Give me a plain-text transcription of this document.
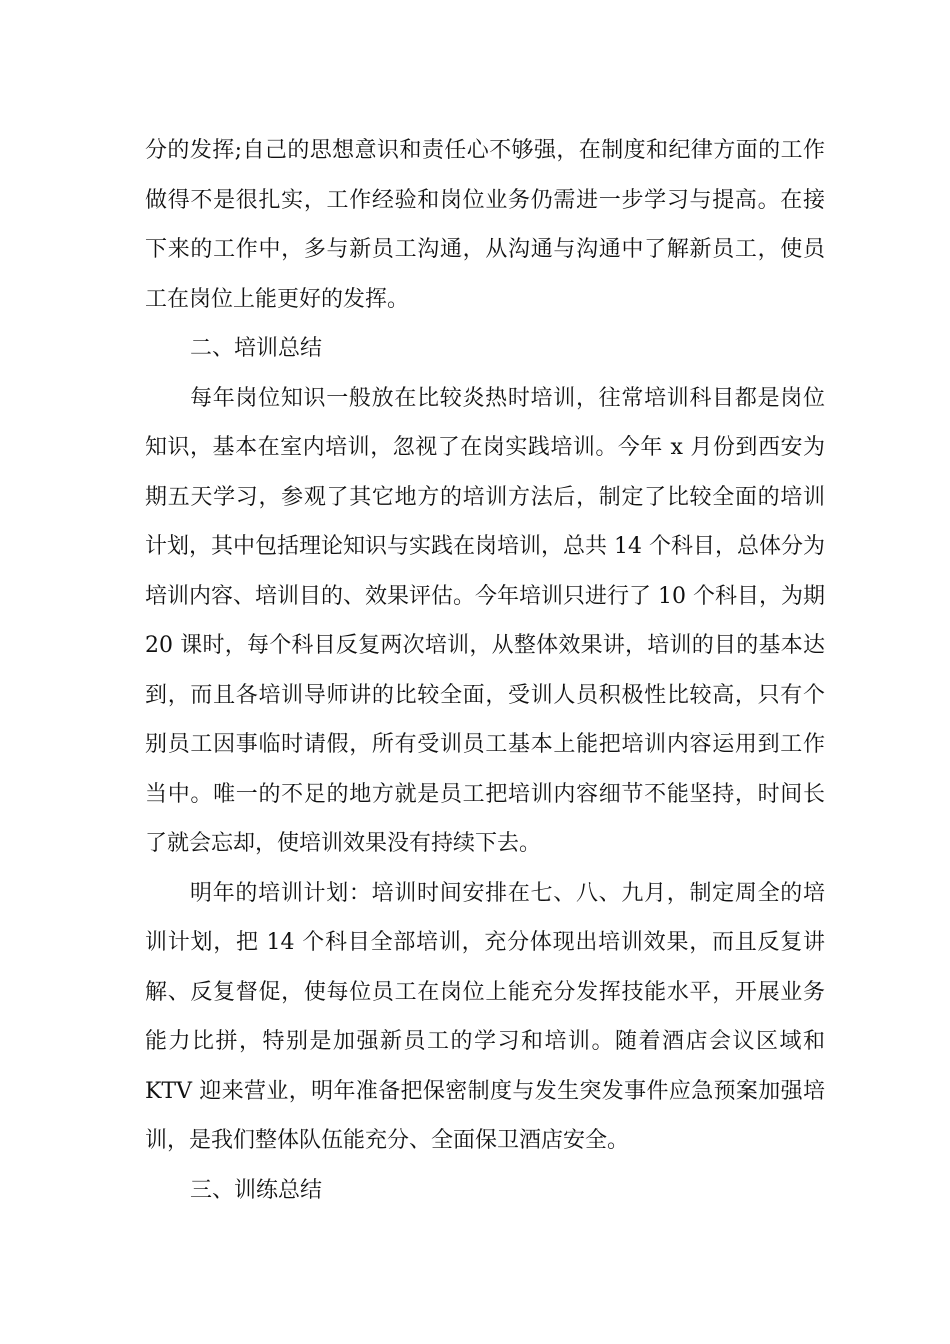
分的发挥;自己的思想意识和责任心不够强，在制度和纪律方面的工作做得不是很扎实，工作经验和岗位业务仍需进一步学习与提高。在接下来的工作中，多与新员工沟通，从沟通与沟通中了解新员工，使员工在岗位上能更好的发挥。

二、培训总结

每年岗位知识一般放在比较炎热时培训，往常培训科目都是岗位知识，基本在室内培训，忽视了在岗实践培训。今年 x 月份到西安为期五天学习，参观了其它地方的培训方法后，制定了比较全面的培训计划，其中包括理论知识与实践在岗培训，总共 14 个科目，总体分为培训内容、培训目的、效果评估。今年培训只进行了 10 个科目，为期 20 课时，每个科目反复两次培训，从整体效果讲，培训的目的基本达到，而且各培训导师讲的比较全面，受训人员积极性比较高，只有个别员工因事临时请假，所有受训员工基本上能把培训内容运用到工作当中。唯一的不足的地方就是员工把培训内容细节不能坚持，时间长了就会忘却，使培训效果没有持续下去。

明年的培训计划：培训时间安排在七、八、九月，制定周全的培训计划，把 14 个科目全部培训，充分体现出培训效果，而且反复讲解、反复督促，使每位员工在岗位上能充分发挥技能水平，开展业务能力比拼，特别是加强新员工的学习和培训。随着酒店会议区域和 KTV 迎来营业，明年准备把保密制度与发生突发事件应急预案加强培训，是我们整体队伍能充分、全面保卫酒店安全。

三、训练总结
